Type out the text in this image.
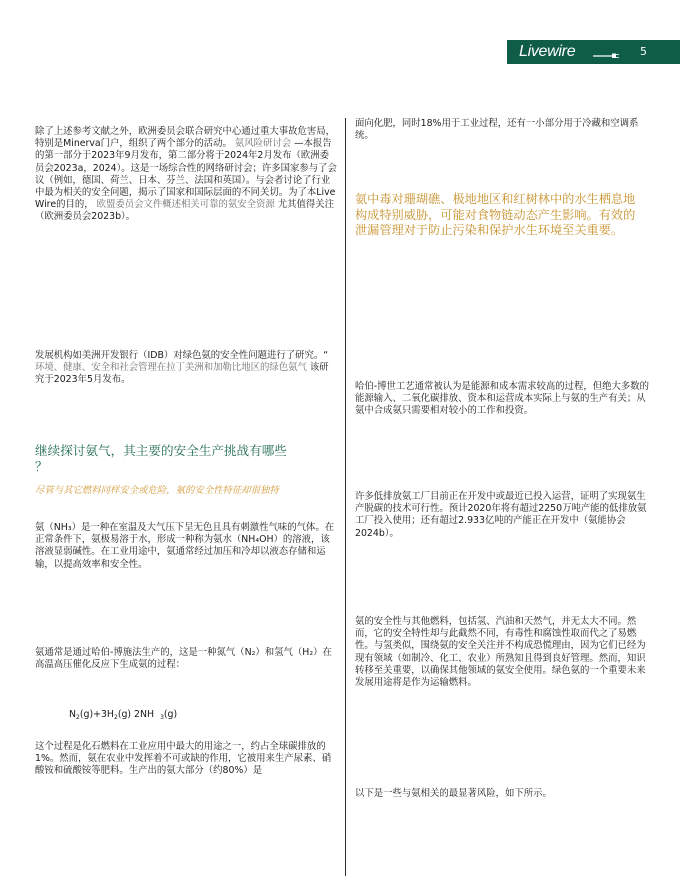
Livewire	5
除了上述参考文献之外，欧洲委员会联合研究中心通过重大事故危害局，特别是Minerva门户，组织了两个部分的活动。 氨风险研讨会 —本报告的第一部分于2023年9月发布，第二部分将于2024年2月发布（欧洲委员会2023a，2024）。这是一场综合性的网络研讨会；许多国家参与了会议（例如，德国、荷兰、日本、芬兰、法国和英国）。与会者讨论了行业中最为相关的安全问题，揭示了国家和国际层面的不同关切。为了本Live Wire的目的， 欧盟委员会文件概述相关可靠的氨安全资源 尤其值得关注（欧洲委员会2023b）。
发展机构如美洲开发银行（IDB）对绿色氨的安全性问题进行了研究。“ 环境、健康、安全和社会管理在拉丁美洲和加勒比地区的绿色氨气 该研究于2023年5月发布。
继续探讨氨气，其主要的安全生产挑战有哪些
？
尽管与其它燃料同样安全或危险，氨的安全性特征却很独特
氨（NH₃）是一种在室温及大气压下呈无色且具有刺激性气味的气体。在正常条件下，氨极易溶于水，形成一种称为氨水（NH₄OH）的溶液，该溶液显弱碱性。在工业用途中，氨通常经过加压和冷却以液态存储和运输，以提高效率和安全性。
氨通常是通过哈伯-博施法生产的，这是一种氮气（N₂）和氢气（H₂）在高温高压催化反应下生成氨的过程：
$N_2(g)+3H_2(g)$ 2NH $_3$(g)
这个过程是化石燃料在工业应用中最大的用途之一，约占全球碳排放的1%。然而，氨在农业中发挥着不可或缺的作用，它被用来生产尿素、硝酸铵和硫酸铵等肥料。生产出的氨大部分（约80%）是
面向化肥，同时18%用于工业过程，还有一小部分用于冷藏和空调系统。
氨中毒对珊瑚礁、极地地区和红树林中的水生栖息地构成特别威胁，可能对食物链动态产生影响。有效的泄漏管理对于防止污染和保护水生环境至关重要。
哈伯-博世工艺通常被认为是能源和成本需求较高的过程，但绝大多数的能源输入、二氧化碳排放、资本和运营成本实际上与氨的生产有关；从氨中合成氨只需要相对较小的工作和投资。
许多低排放氨工厂目前正在开发中或最近已投入运营，证明了实现氨生产脱碳的技术可行性。预计2020年将有超过2250万吨产能的低排放氨工厂投入使用；还有超过2.933亿吨的产能正在开发中（氨能协会2024b）。
氨的安全性与其他燃料，包括氢、汽油和天然气，并无太大不同。然而，它的安全特性却与此截然不同，有毒性和腐蚀性取而代之了易燃性。与氢类似，围绕氨的安全关注并不构成恐慌理由，因为它们已经为现有领域（如制冷、化工、农业）所熟知且得到良好管理。然而，知识转移至关重要，以确保其他领域的氨安全使用。绿色氨的一个重要未来发展用途将是作为运输燃料。
以下是一些与氨相关的最显著风险，如下所示。
